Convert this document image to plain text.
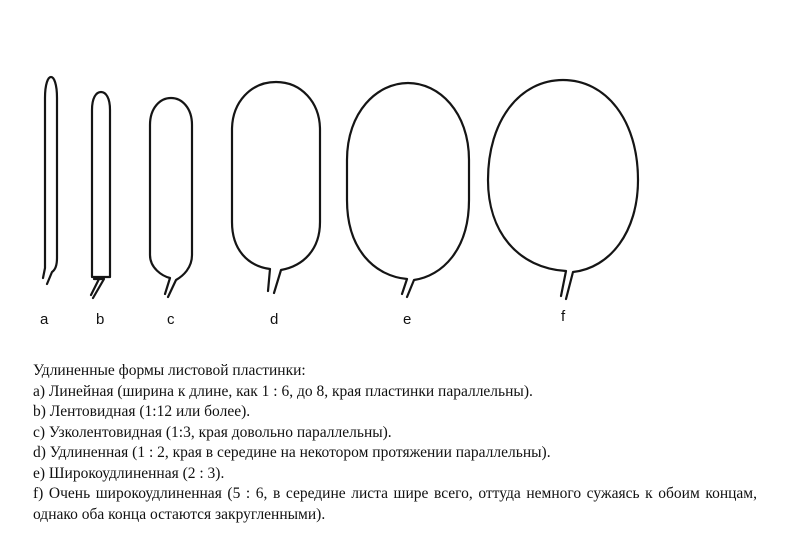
a	b	c	d	e	f

Удлиненные формы листовой пластинки:

a) Линейная (ширина к длине, как 1 : 6, до 8, края пластинки параллельны).

b) Лентовидная (1:12 или более).

c) Узколентовидная (1:3, края довольно параллельны).

d) Удлиненная (1 : 2, края в середине на некотором протяжении параллельны).

e) Широкоудлиненная (2 : 3).

f) Очень широкоудлиненная (5 : 6, в середине листа шире всего, оттуда немного сужаясь к обоим концам, однако оба конца остаются закругленными).
